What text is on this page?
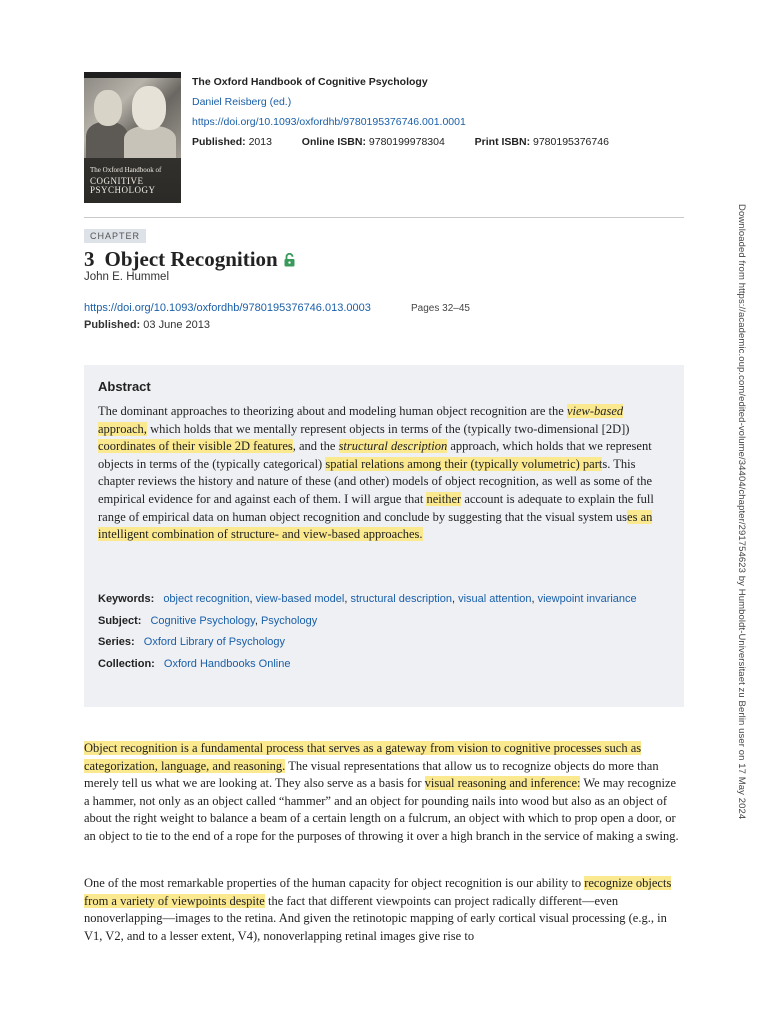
The Oxford Handbook of
COGNITIVE PSYCHOLOGY
The Oxford Handbook of Cognitive Psychology
Daniel Reisberg (ed.)
https://doi.org/10.1093/oxfordhb/9780195376746.001.0001
Published: 2013	Online ISBN: 9780199978304	Print ISBN: 9780195376746
CHAPTER
3 Object Recognition
John E. Hummel
https://doi.org/10.1093/oxfordhb/9780195376746.013.0003	Pages 32–45
Published: 03 June 2013
Abstract

The dominant approaches to theorizing about and modeling human object recognition are the view-based approach, which holds that we mentally represent objects in terms of the (typically two-dimensional [2D]) coordinates of their visible 2D features, and the structural description approach, which holds that we represent objects in terms of the (typically categorical) spatial relations among their (typically volumetric) parts. This chapter reviews the history and nature of these (and other) models of object recognition, as well as some of the empirical evidence for and against each of them. I will argue that neither account is adequate to explain the full range of empirical data on human object recognition and conclude by suggesting that the visual system uses an intelligent combination of structure- and view-based approaches.

Keywords: object recognition, view-based model, structural description, visual attention, viewpoint invariance
Subject: Cognitive Psychology, Psychology
Series: Oxford Library of Psychology
Collection: Oxford Handbooks Online

Object recognition is a fundamental process that serves as a gateway from vision to cognitive processes such as categorization, language, and reasoning. The visual representations that allow us to recognize objects do more than merely tell us what we are looking at. They also serve as a basis for visual reasoning and inference: We may recognize a hammer, not only as an object called “hammer” and an object for pounding nails into wood but also as an object of about the right weight to balance a beam of a certain length on a fulcrum, an object with which to prop open a door, or an object to tie to the end of a rope for the purposes of throwing it over a high branch in the service of making a swing.

One of the most remarkable properties of the human capacity for object recognition is our ability to recognize objects from a variety of viewpoints despite the fact that different viewpoints can project radically different—even nonoverlapping—images to the retina. And given the retinotopic mapping of early cortical visual processing (e.g., in V1, V2, and to a lesser extent, V4), nonoverlapping retinal images give rise to

Downloaded from https://academic.oup.com/edited-volume/34404/chapter/291754623 by Humboldt-Universitaet zu Berlin user on 17 May 2024
